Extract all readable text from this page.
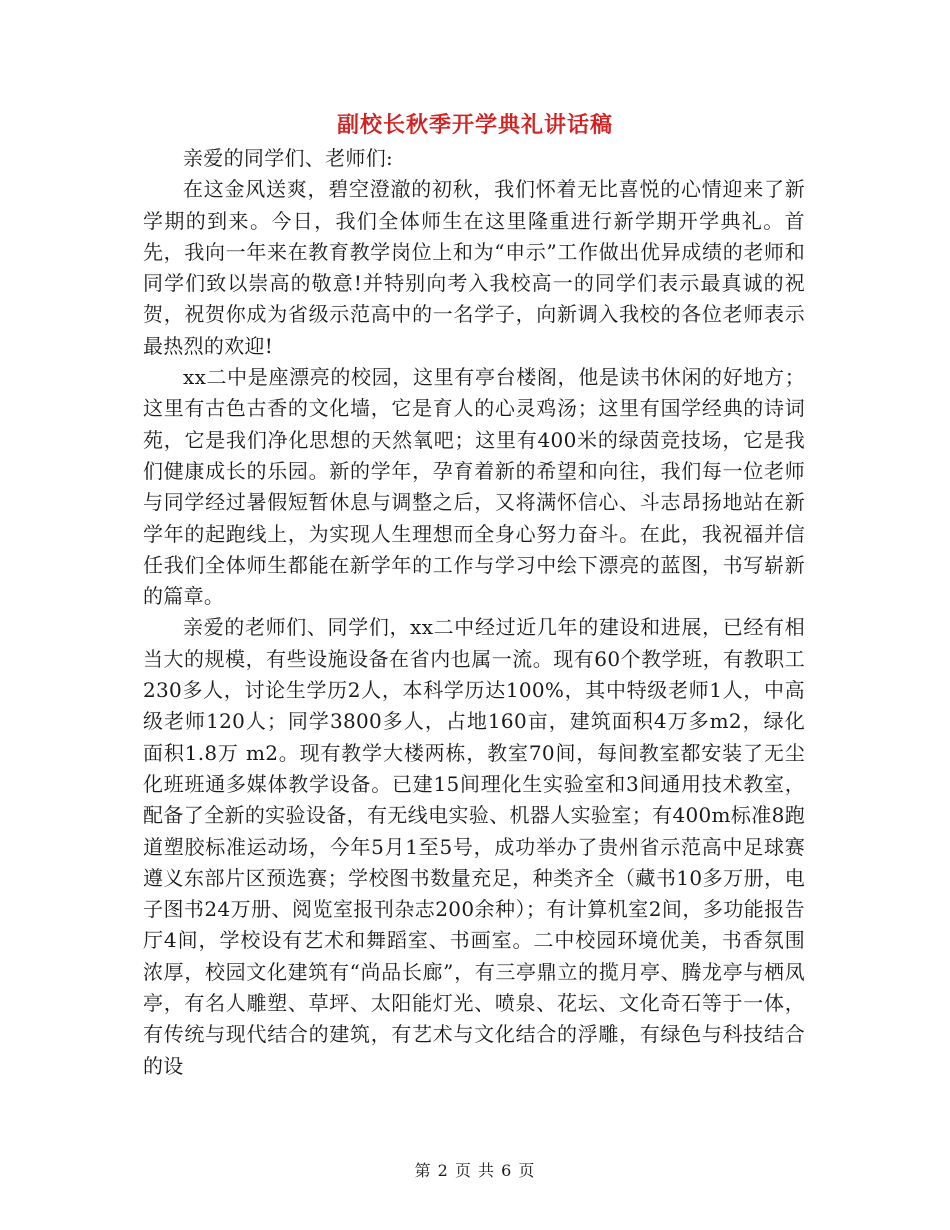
副校长秋季开学典礼讲话稿

亲爱的同学们、老师们:

在这金风送爽，碧空澄澈的初秋，我们怀着无比喜悦的心情迎来了新学期的到来。今日，我们全体师生在这里隆重进行新学期开学典礼。首先，我向一年来在教育教学岗位上和为“申示”工作做出优异成绩的老师和同学们致以崇高的敬意!并特别向考入我校高一的同学们表示最真诚的祝贺，祝贺你成为省级示范高中的一名学子，向新调入我校的各位老师表示最热烈的欢迎!

xx二中是座漂亮的校园，这里有亭台楼阁，他是读书休闲的好地方；这里有古色古香的文化墙，它是育人的心灵鸡汤；这里有国学经典的诗词苑，它是我们净化思想的天然氧吧；这里有400米的绿茵竞技场，它是我们健康成长的乐园。新的学年，孕育着新的希望和向往，我们每一位老师与同学经过暑假短暂休息与调整之后，又将满怀信心、斗志昂扬地站在新学年的起跑线上，为实现人生理想而全身心努力奋斗。在此，我祝福并信任我们全体师生都能在新学年的工作与学习中绘下漂亮的蓝图，书写崭新的篇章。

亲爱的老师们、同学们，xx二中经过近几年的建设和进展，已经有相当大的规模，有些设施设备在省内也属一流。现有60个教学班，有教职工230多人，讨论生学历2人，本科学历达100%，其中特级老师1人，中高级老师120人；同学3800多人，占地160亩，建筑面积4万多m2，绿化面积1.8万 m2。现有教学大楼两栋，教室70间，每间教室都安装了无尘化班班通多媒体教学设备。已建15间理化生实验室和3间通用技术教室，配备了全新的实验设备，有无线电实验、机器人实验室；有400m标准8跑道塑胶标准运动场，今年5月1至5号，成功举办了贵州省示范高中足球赛遵义东部片区预选赛；学校图书数量充足，种类齐全（藏书10多万册，电子图书24万册、阅览室报刊杂志200余种）；有计算机室2间，多功能报告厅4间，学校设有艺术和舞蹈室、书画室。二中校园环境优美，书香氛围浓厚，校园文化建筑有“尚品长廊”，有三亭鼎立的揽月亭、腾龙亭与栖凤亭，有名人雕塑、草坪、太阳能灯光、喷泉、花坛、文化奇石等于一体，有传统与现代结合的建筑，有艺术与文化结合的浮雕，有绿色与科技结合的设

第 2 页 共 6 页
